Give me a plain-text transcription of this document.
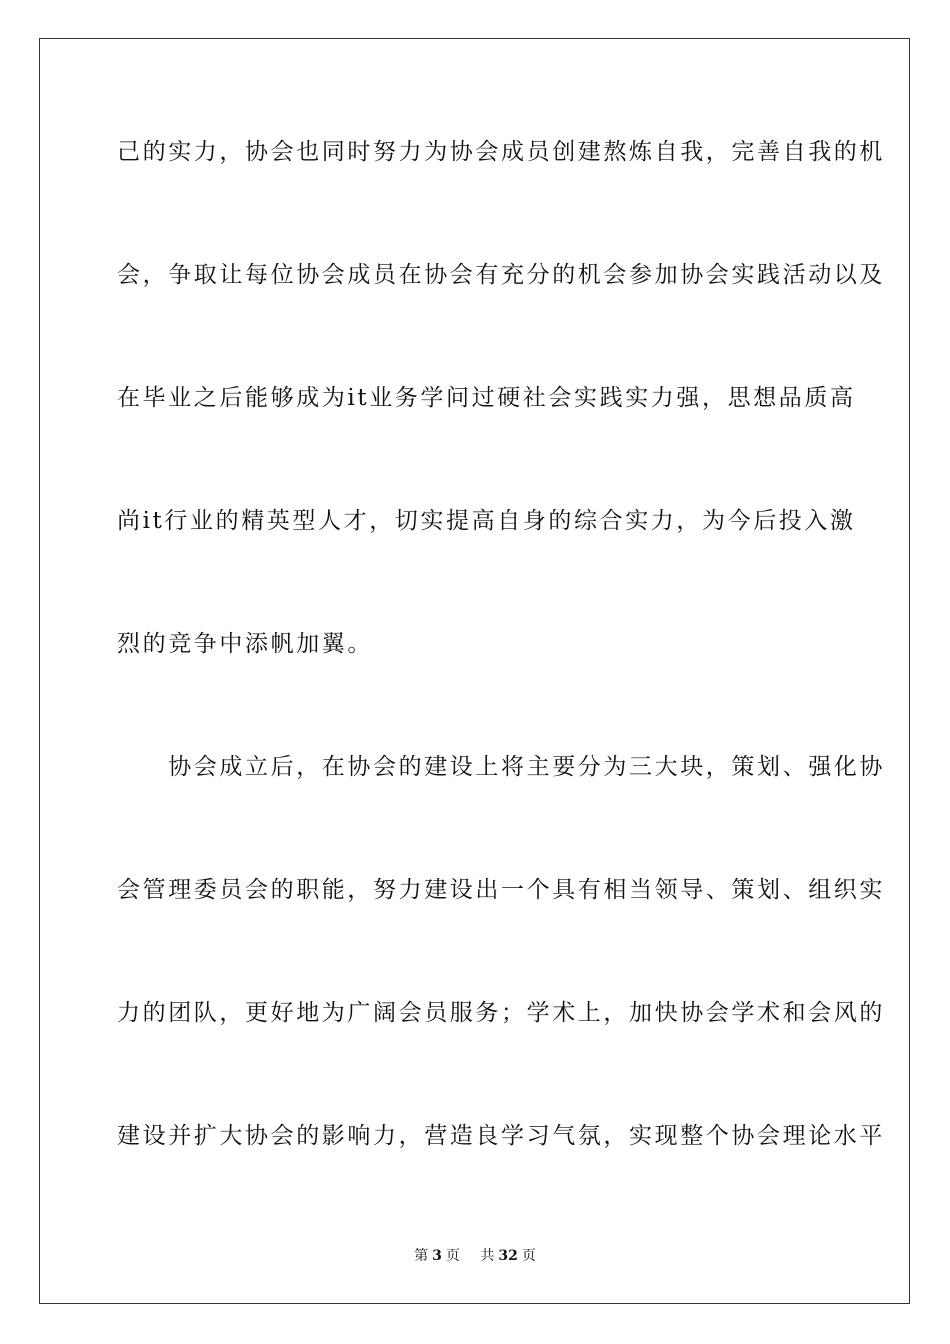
己的实力，协会也同时努力为协会成员创建熬炼自我，完善自我的机
会，争取让每位协会成员在协会有充分的机会参加协会实践活动以及
在毕业之后能够成为it业务学问过硬社会实践实力强，思想品质高
尚it行业的精英型人才，切实提高自身的综合实力，为今后投入激
烈的竞争中添帆加翼。
　　协会成立后，在协会的建设上将主要分为三大块，策划、强化协
会管理委员会的职能，努力建设出一个具有相当领导、策划、组织实
力的团队，更好地为广阔会员服务；学术上，加快协会学术和会风的
建设并扩大协会的影响力，营造良学习气氛，实现整个协会理论水平
第 3 页 共 32 页
